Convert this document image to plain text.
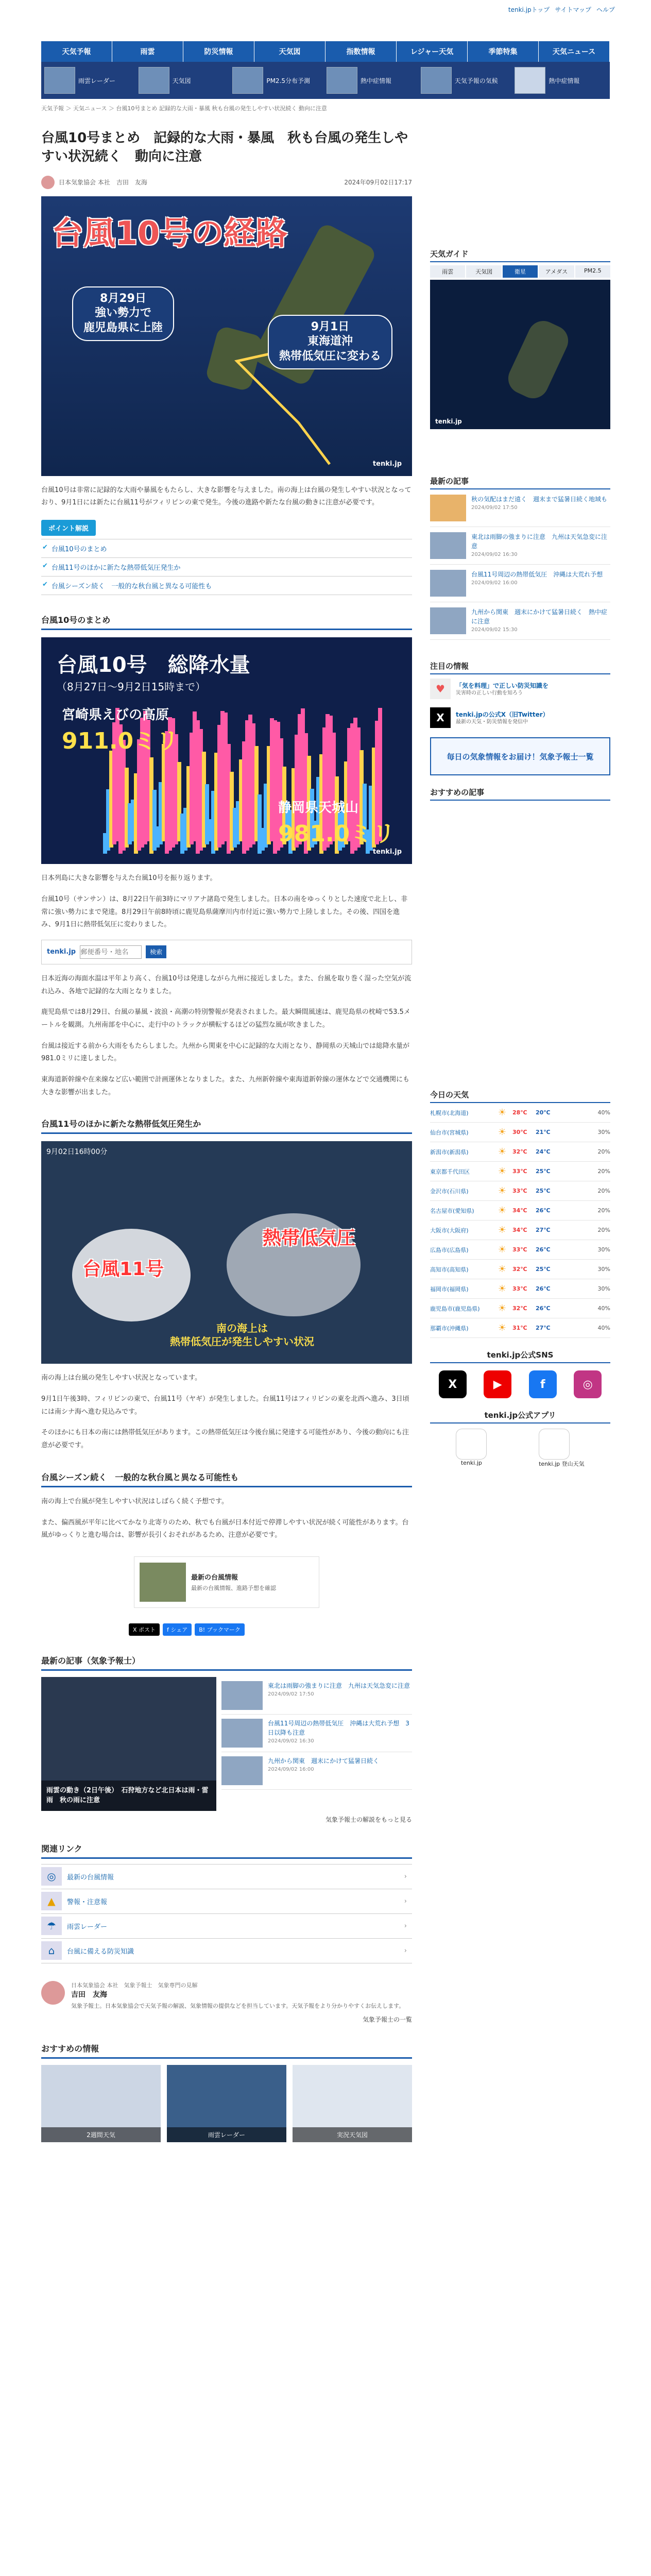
tenki.jpトップ サイトマップ ヘルプ
天気予報	雨雲	防災情報	天気図	指数情報	レジャー天気	季節特集	天気ニュース
雨雲レーダー	天気図	PM2.5分布予測	熱中症情報	天気予報の気候	熱中症情報
天気予報 ＞ 天気ニュース ＞ 台風10号まとめ 記録的な大雨・暴風 秋も台風の発生しやすい状況続く 動向に注意
台風10号まとめ　記録的な大雨・暴風　秋も台風の発生しやすい状況続く　動向に注意
日本気象協会 本社　吉田　友海	2024年09月02日17:17
台風10号の経路
8月29日
強い勢力で
鹿児島県に上陸	9月1日
東海道沖
熱帯低気圧に変わる
tenki.jp

台風10号は非常に記録的な大雨や暴風をもたらし、大きな影響を与えました。南の海上は台風の発生しやすい状況となっており、9月1日には新たに台風11号がフィリピンの東で発生。今後の進路や新たな台風の動きに注意が必要です。

ポイント解説
✔ 台風10号のまとめ
✔ 台風11号のほかに新たな熱帯低気圧発生か
✔ 台風シーズン続く　一般的な秋台風と異なる可能性も
台風10号のまとめ
台風10号　総降水量
（8月27日〜9月2日15時まで）
宮崎県えびの高原
911.0ミリ
静岡県天城山
981.0ミリ
tenki.jp

日本列島に大きな影響を与えた台風10号を振り返ります。

台風10号（サンサン）は、8月22日午前3時にマリアナ諸島で発生しました。日本の南をゆっくりとした速度で北上し、非常に強い勢力にまで発達。8月29日午前8時頃に鹿児島県薩摩川内市付近に強い勢力で上陸しました。その後、四国を進み、9月1日に熱帯低気圧に変わりました。

tenki.jp
郵便番号・地名	検索

日本近海の海面水温は平年より高く、台風10号は発達しながら九州に接近しました。また、台風を取り巻く湿った空気が流れ込み、各地で記録的な大雨となりました。

鹿児島県では8月29日、台風の暴風・波浪・高潮の特別警報が発表されました。最大瞬間風速は、鹿児島県の枕崎で53.5メートルを観測。九州南部を中心に、走行中のトラックが横転するほどの猛烈な風が吹きました。

台風は接近する前から大雨をもたらしました。九州から関東を中心に記録的な大雨となり、静岡県の天城山では総降水量が981.0ミリに達しました。

東海道新幹線や在来線など広い範囲で計画運休となりました。また、九州新幹線や東海道新幹線の運休などで交通機関にも大きな影響が出ました。

台風11号のほかに新たな熱帯低気圧発生か
9月02日16時00分
台風11号
熱帯低気圧
南の海上は
熱帯低気圧が発生しやすい状況

南の海上は台風の発生しやすい状況となっています。

9月1日午後3時、フィリピンの東で、台風11号（ヤギ）が発生しました。台風11号はフィリピンの東を北西へ進み、3日頃には南シナ海へ進む見込みです。

そのほかにも日本の南には熱帯低気圧があります。この熱帯低気圧は今後台風に発達する可能性があり、今後の動向にも注意が必要です。

台風シーズン続く　一般的な秋台風と異なる可能性も

南の海上で台風が発生しやすい状況はしばらく続く予想です。

また、偏西風が平年に比べてかなり北寄りのため、秋でも台風が日本付近で停滞しやすい状況が続く可能性があります。台風がゆっくりと進む場合は、影響が長引くおそれがあるため、注意が必要です。

最新の台風情報
最新の台風情報、進路予想を確認
X ポスト	f シェア	B! ブックマーク
最新の記事（気象予報士）
雨雲の動き（2日午後）　石狩地方など北日本は雨・雷雨　秋の雨に注意
東北は雨脚の強まりに注意　九州は天気急変に注意
2024/09/02 17:50
台風11号周辺の熱帯低気圧　沖縄は大荒れ予想　3日以降も注意
2024/09/02 16:30
九州から関東　週末にかけて猛暑日続く
2024/09/02 16:00
気象予報士の解説をもっと見る
関連リンク
◎	最新の台風情報	›
▲	警報・注意報	›
☂	雨雲レーダー	›
⌂	台風に備える防災知識	›
日本気象協会 本社　気象予報士　気象専門の見解
吉田　友海
気象予報士。日本気象協会で天気予報の解説、気象情報の提供などを担当しています。天気予報をより分かりやすくお伝えします。
気象予報士の一覧
おすすめの情報
2週間天気	雨雲レーダー	実況天気図
天気ガイド
雨雲	天気図	衛星	アメダス	PM2.5
tenki.jp
最新の記事
秋の気配はまだ遠く　週末まで猛暑日続く地域も
2024/09/02 17:50
東北は雨脚の強まりに注意　九州は天気急変に注意
2024/09/02 16:30
台風11号周辺の熱帯低気圧　沖縄は大荒れ予想
2024/09/02 16:00
九州から関東　週末にかけて猛暑日続く　熱中症に注意
2024/09/02 15:30
注目の情報
♥	「気を料理」で正しい防災知識を
災害時の正しい行動を知ろう
X	tenki.jpの公式X（旧Twitter）
最新の天気・防災情報を発信中
毎日の気象情報をお届け！気象予報士一覧
おすすめの記事
今日の天気
札幌市(北海道)	☀	28℃	20℃	40%
仙台市(宮城県)	☀	30℃	21℃	30%
新潟市(新潟県)	☀	32℃	24℃	20%
東京都千代田区	☀	33℃	25℃	20%
金沢市(石川県)	☀	33℃	25℃	20%
名古屋市(愛知県)	☀	34℃	26℃	20%
大阪市(大阪府)	☀	34℃	27℃	20%
広島市(広島県)	☀	33℃	26℃	30%
高知市(高知県)	☀	32℃	25℃	30%
福岡市(福岡県)	☀	33℃	26℃	30%
鹿児島市(鹿児島県)	☀	32℃	26℃	40%
那覇市(沖縄県)	☀	31℃	27℃	40%
tenki.jp公式SNS
X	▶	f	◎
tenki.jp公式アプリ
tenki.jp	tenki.jp 登山天気
